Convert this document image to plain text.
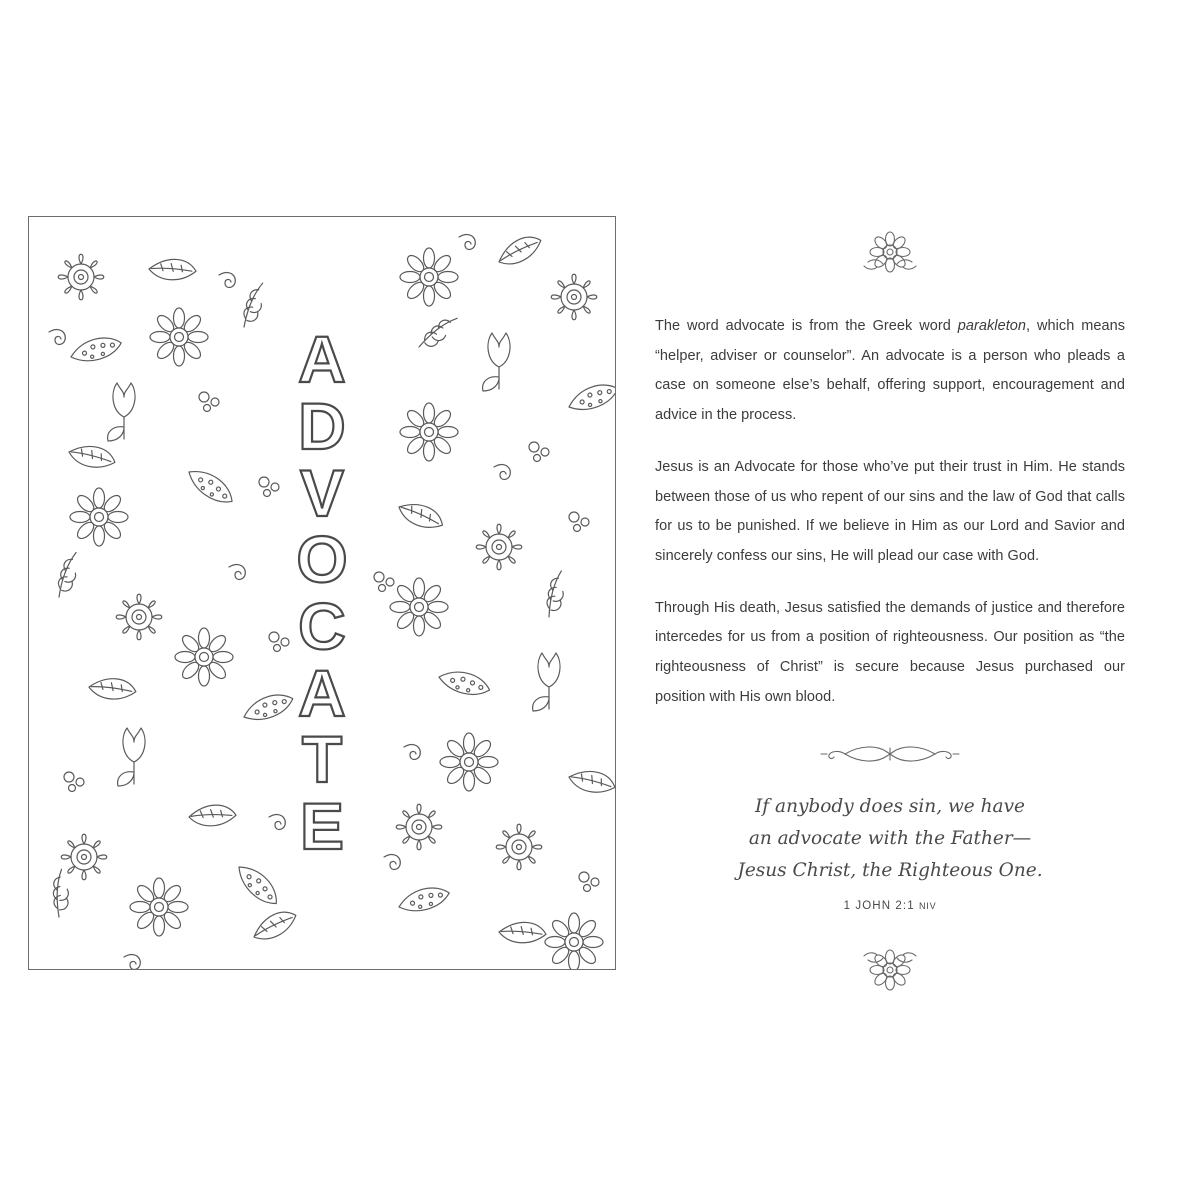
A
D
V
O
C
A
T
E

The word advocate is from the Greek word parakleton, which means “helper, adviser or counselor”. An advocate is a person who pleads a case on someone else’s behalf, offering support, encouragement and advice in the process.

Jesus is an Advocate for those who’ve put their trust in Him. He stands between those of us who repent of our sins and the law of God that calls for us to be punished. If we believe in Him as our Lord and Savior and sincerely confess our sins, He will plead our case with God.

Through His death, Jesus satisfied the demands of justice and therefore intercedes for us from a position of righteousness. Our position as “the righteousness of Christ” is secure because Jesus purchased our position with His own blood.

If anybody does sin, we have
an advocate with the Father—
Jesus Christ, the Righteous One.
1 JOHN 2:1 NIV
